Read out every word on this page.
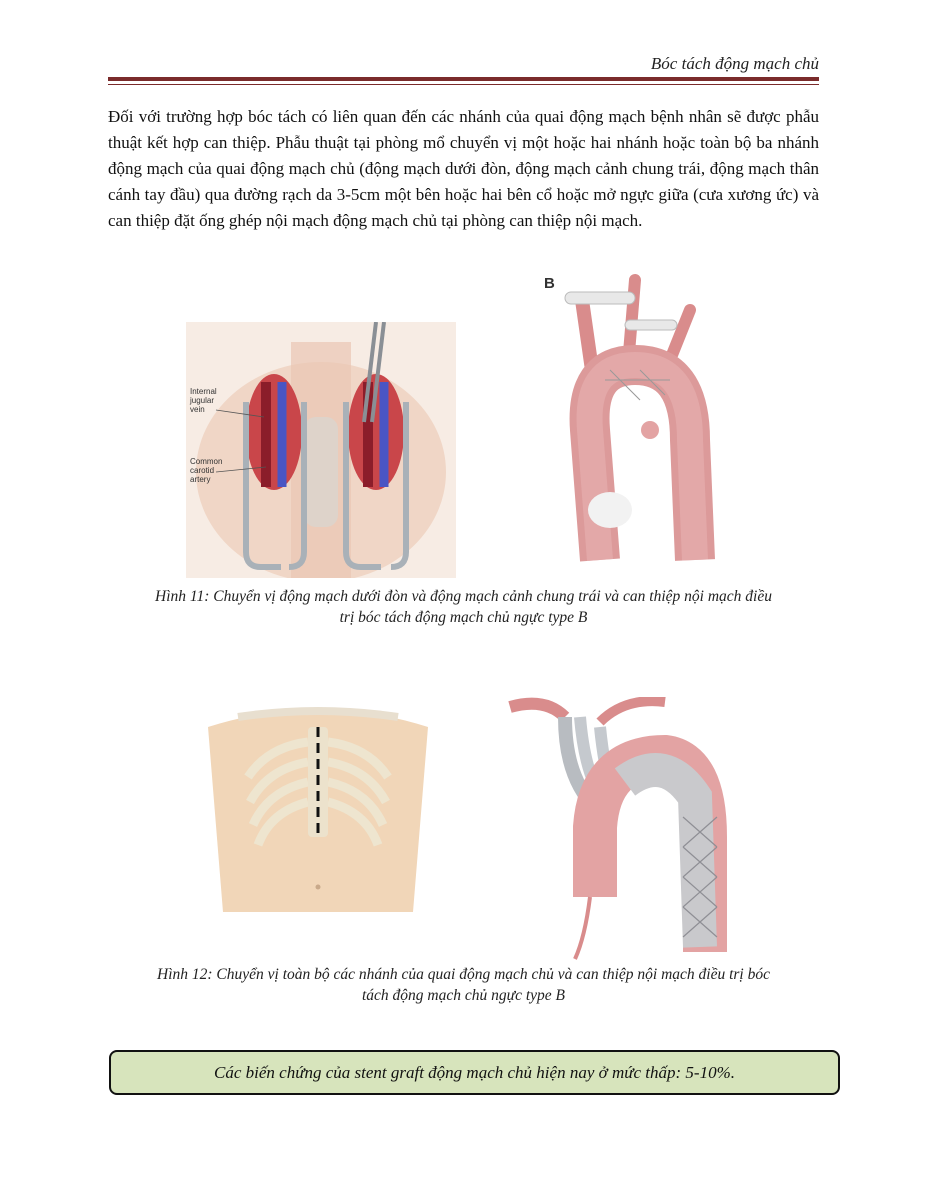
Bóc tách động mạch chủ

Đối với trường hợp bóc tách có liên quan đến các nhánh của quai động mạch bệnh nhân sẽ được phẫu thuật kết hợp can thiệp. Phẫu thuật tại phòng mổ chuyển vị một hoặc hai nhánh hoặc toàn bộ ba nhánh động mạch của quai động mạch chủ (động mạch dưới đòn, động mạch cảnh chung trái, động mạch thân cánh tay đầu) qua đường rạch da 3-5cm một bên hoặc hai bên cổ hoặc mở ngực giữa (cưa xương ức) và can thiệp đặt ống ghép nội mạch động mạch chủ tại phòng can thiệp nội mạch.

Internal
jugular
vein
Common
carotid
artery
B
Hình 11: Chuyển vị động mạch dưới đòn và động mạch cảnh chung trái và can thiệp nội mạch điều
trị bóc tách động mạch chủ ngực type B
Hình 12: Chuyển vị toàn bộ các nhánh của quai động mạch chủ và can thiệp nội mạch điều trị bóc
tách động mạch chủ ngực type B
Các biến chứng của stent graft động mạch chủ hiện nay ở mức thấp: 5-10%.
